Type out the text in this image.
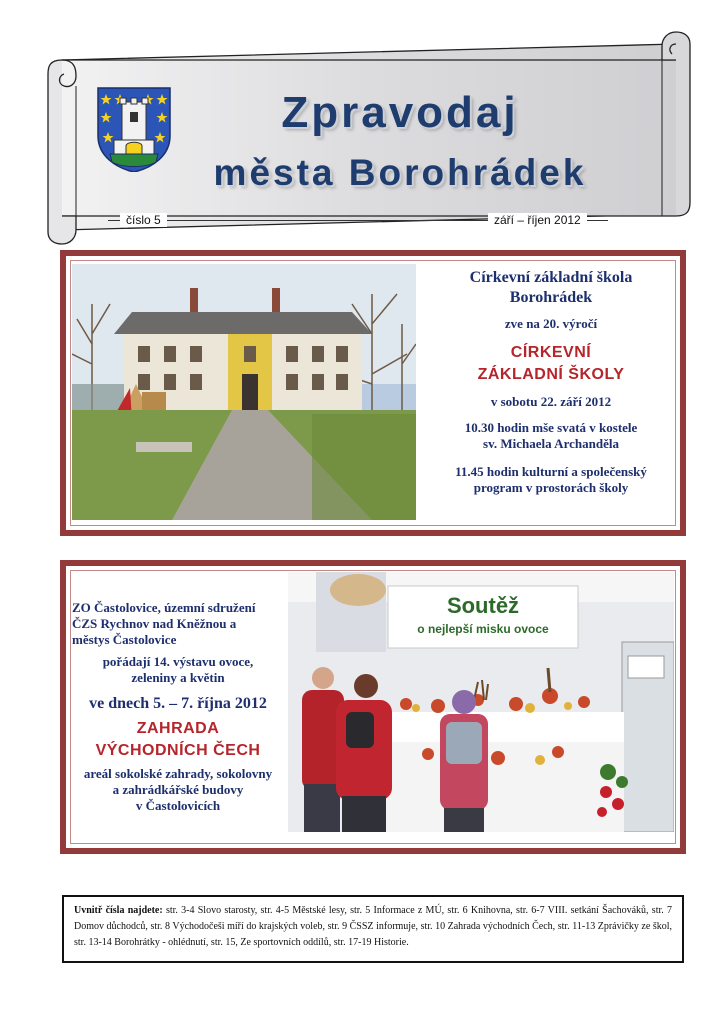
Zpravodaj
města Borohrádek
číslo 5	září – říjen 2012
Církevní základní škola
Borohrádek
zve na 20. výročí
CÍRKEVNÍ
ZÁKLADNÍ ŠKOLY
v sobotu 22. září 2012
10.30 hodin mše svatá v kostele
sv. Michaela Archanděla
11.45 hodin kulturní a společenský
program v prostorách školy
ZO Častolovice, územní sdružení
ČZS Rychnov nad Kněžnou a
městys Častolovice
pořádají 14. výstavu ovoce,
zeleniny a květin
ve dnech 5. – 7. října 2012
ZAHRADA
VÝCHODNÍCH ČECH
areál sokolské zahrady, sokolovny
a zahrádkářské budovy
v Častolovicích
Soutěž
o nejlepší misku ovoce
Uvnitř čísla najdete: str. 3-4 Slovo starosty, str. 4-5 Městské lesy, str. 5 Informace z MÚ, str. 6 Knihovna, str. 6-7 VIII. setkání Šachováků, str. 7 Domov důchodců, str. 8 Východočeši míří do krajských voleb, str. 9 ČSSZ informuje, str. 10 Zahrada východních Čech, str. 11-13 Zprávičky ze škol, str. 13-14 Borohrátky - ohlédnutí, str. 15, Ze sportovních oddílů, str. 17-19 Historie.
